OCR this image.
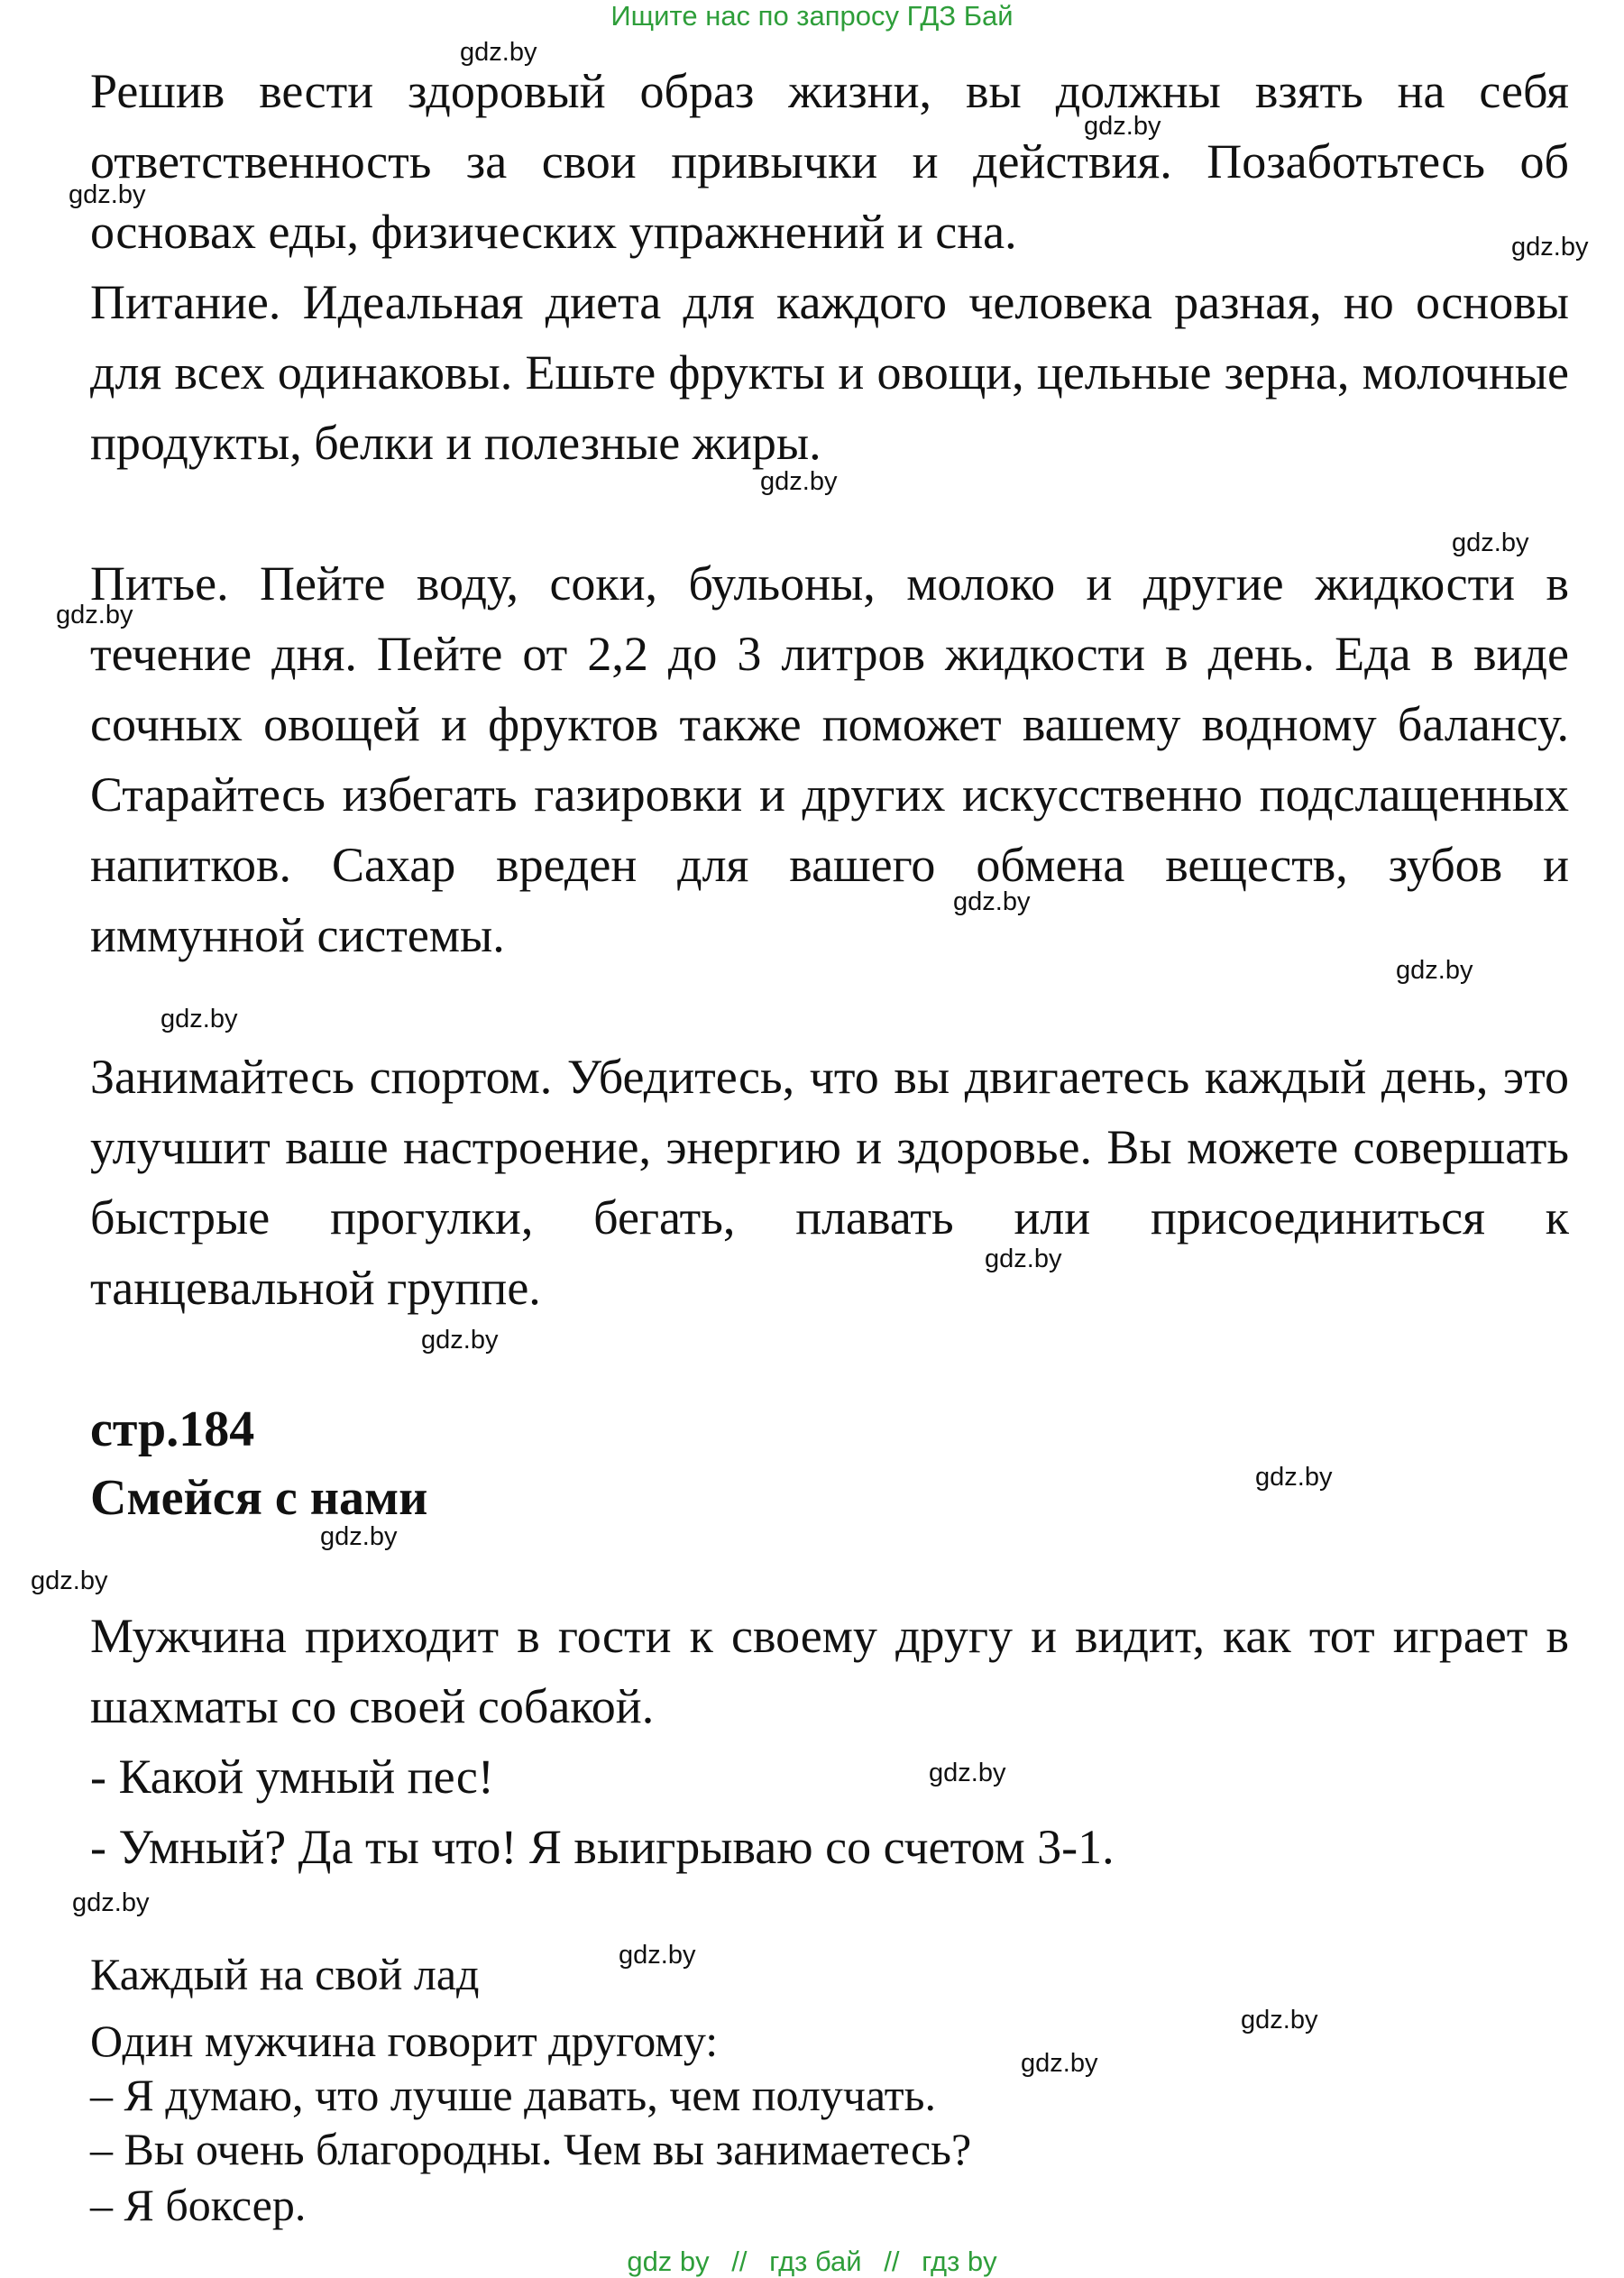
Ищите нас по запросу ГДЗ Бай
Решив вести здоровый образ жизни, вы должны взять на себя ответственность за свои привычки и действия. Позаботьтесь об основах еды, физических упражнений и сна.
Питание. Идеальная диета для каждого человека разная, но основы для всех одинаковы. Ешьте фрукты и овощи, цельные зерна, молочные продукты, белки и полезные жиры.
Питье. Пейте воду, соки, бульоны, молоко и другие жидкости в течение дня. Пейте от 2,2 до 3 литров жидкости в день. Еда в виде сочных овощей и фруктов также поможет вашему водному балансу. Старайтесь избегать газировки и других искусственно подслащенных напитков. Сахар вреден для вашего обмена веществ, зубов и иммунной системы.
Занимайтесь спортом. Убедитесь, что вы двигаетесь каждый день, это улучшит ваше настроение, энергию и здоровье. Вы можете совершать быстрые прогулки, бегать, плавать или присоединиться к танцевальной группе.
стр.184
Смейся с нами
Мужчина приходит в гости к своему другу и видит, как тот играет в шахматы со своей собакой.
- Какой умный пес!
- Умный? Да ты что! Я выигрываю со счетом 3-1.
Каждый на свой лад
Один мужчина говорит другому:
– Я думаю, что лучше давать, чем получать.
– Вы очень благородны. Чем вы занимаетесь?
– Я боксер.
gdz.by
gdz.by
gdz.by
gdz.by
gdz.by
gdz.by
gdz.by
gdz.by
gdz.by
gdz.by
gdz.by
gdz.by
gdz.by
gdz.by
gdz.by
gdz.by
gdz.by
gdz.by
gdz.by
gdz.by
gdz by // гдз бай // гдз by
